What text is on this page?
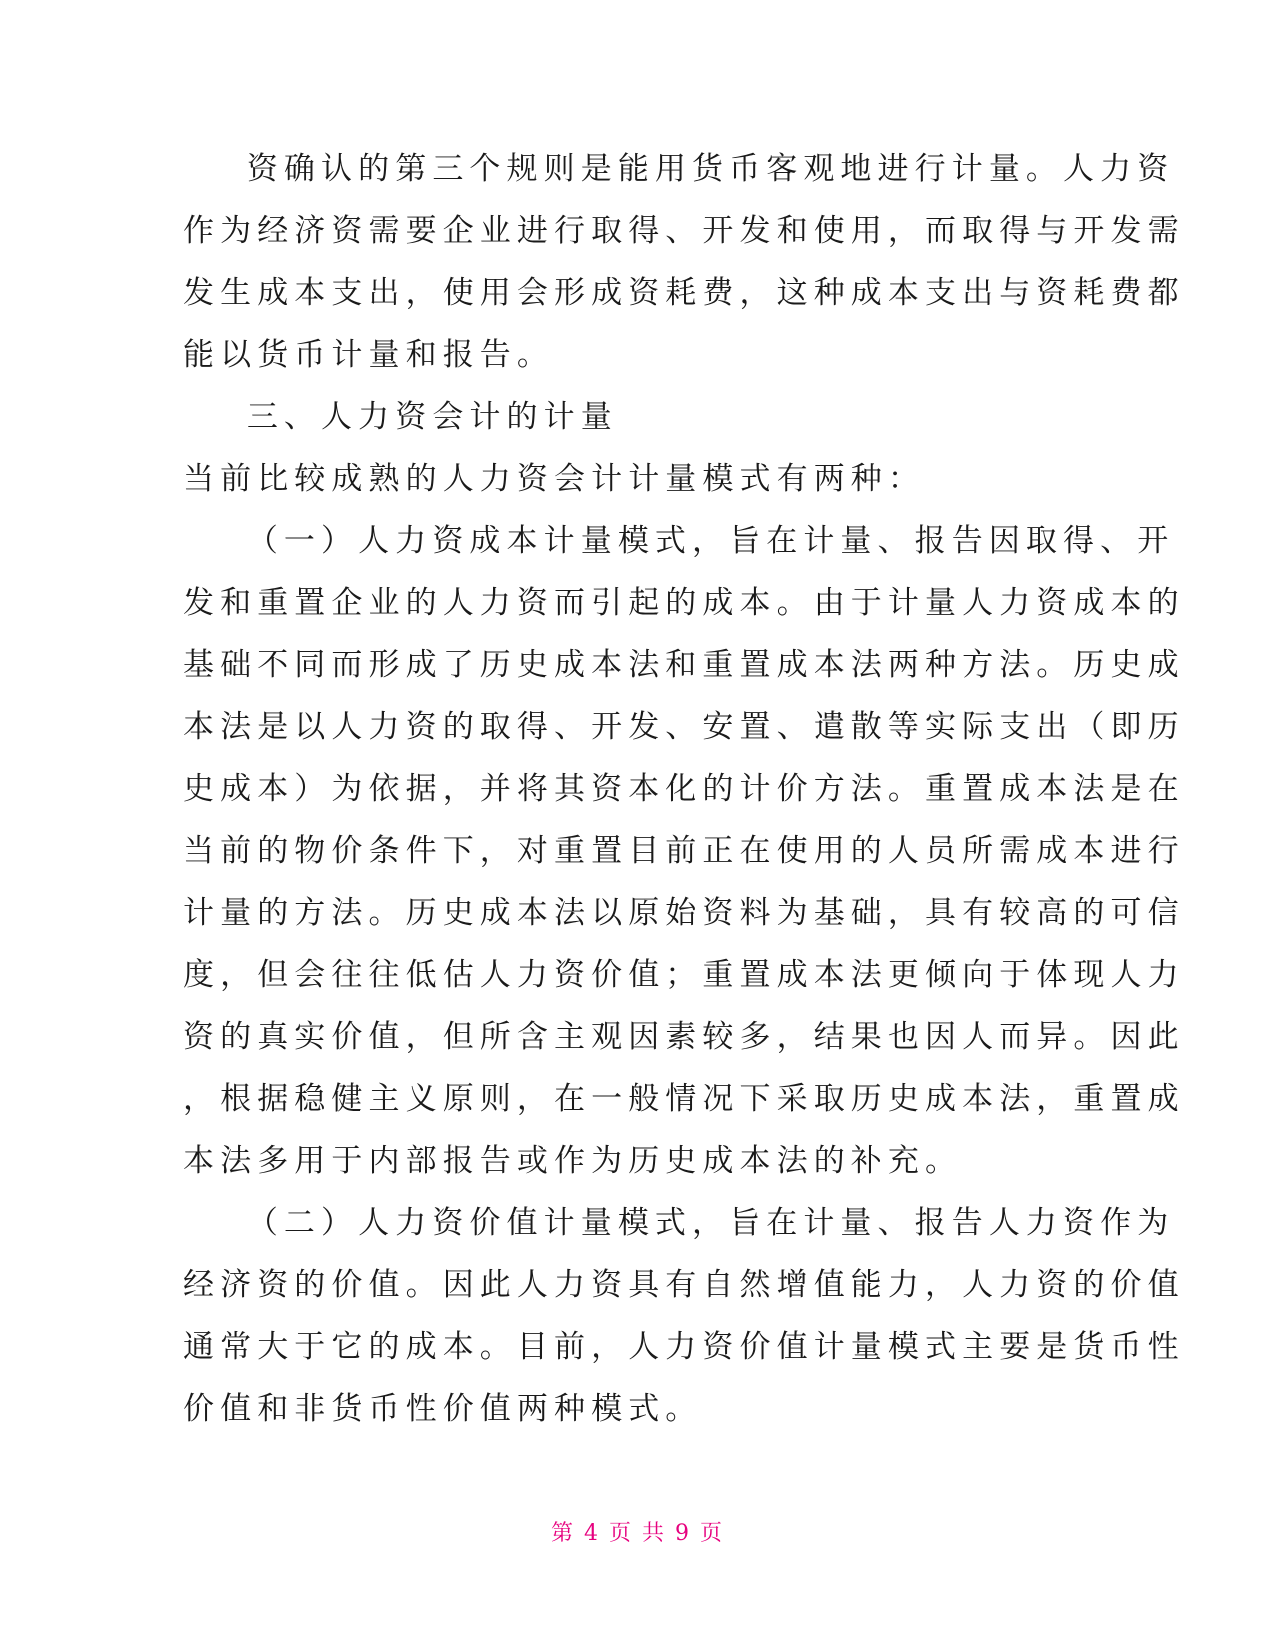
资确认的第三个规则是能用货币客观地进行计量。人力资
作为经济资需要企业进行取得、开发和使用，而取得与开发需
发生成本支出，使用会形成资耗费，这种成本支出与资耗费都
能以货币计量和报告。
三、人力资会计的计量
当前比较成熟的人力资会计计量模式有两种：
（一）人力资成本计量模式，旨在计量、报告因取得、开
发和重置企业的人力资而引起的成本。由于计量人力资成本的
基础不同而形成了历史成本法和重置成本法两种方法。历史成
本法是以人力资的取得、开发、安置、遣散等实际支出（即历
史成本）为依据，并将其资本化的计价方法。重置成本法是在
当前的物价条件下，对重置目前正在使用的人员所需成本进行
计量的方法。历史成本法以原始资料为基础，具有较高的可信
度，但会往往低估人力资价值；重置成本法更倾向于体现人力
资的真实价值，但所含主观因素较多，结果也因人而异。因此
，根据稳健主义原则，在一般情况下采取历史成本法，重置成
本法多用于内部报告或作为历史成本法的补充。
（二）人力资价值计量模式，旨在计量、报告人力资作为
经济资的价值。因此人力资具有自然增值能力，人力资的价值
通常大于它的成本。目前，人力资价值计量模式主要是货币性
价值和非货币性价值两种模式。
第 4 页 共 9 页
